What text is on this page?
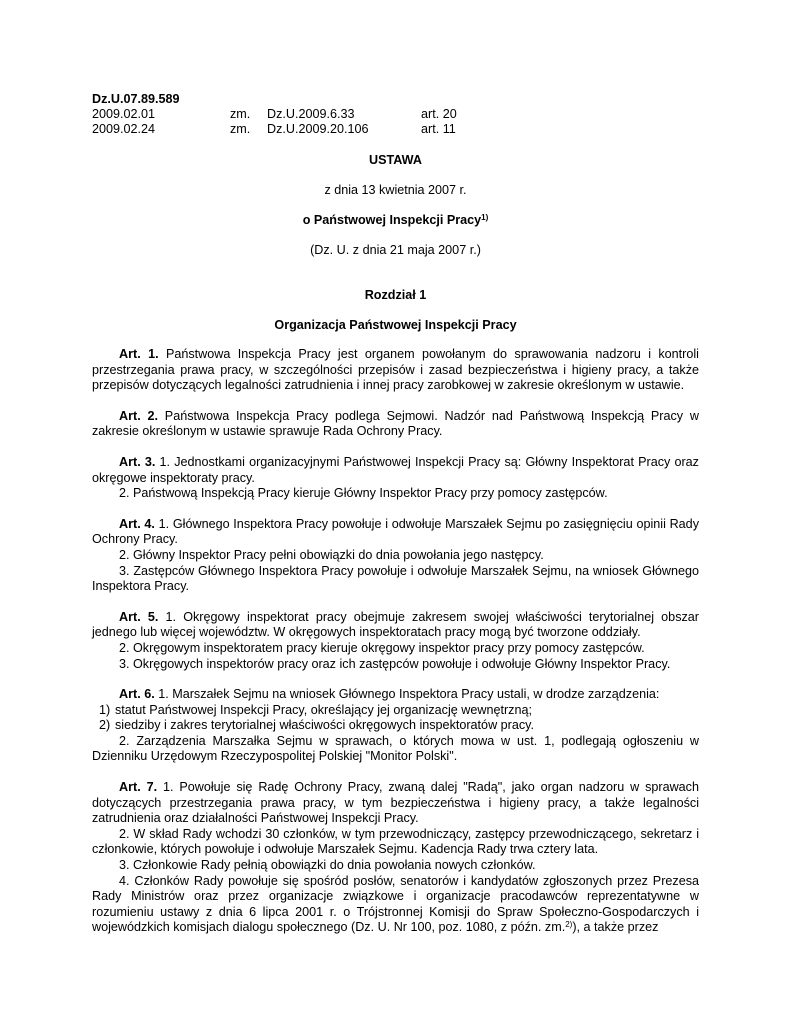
Dz.U.07.89.589
2009.02.01	zm. Dz.U.2009.6.33	art. 20
2009.02.24	zm. Dz.U.2009.20.106	art. 11
USTAWA
z dnia 13 kwietnia 2007 r.
o Państwowej Inspekcji Pracy$^{1)}$
(Dz. U. z dnia 21 maja 2007 r.)
Rozdział 1
Organizacja Państwowej Inspekcji Pracy

Art. 1. Państwowa Inspekcja Pracy jest organem powołanym do sprawowania nadzoru i kontroli przestrzegania prawa pracy, w szczególności przepisów i zasad bezpieczeństwa i higieny pracy, a także przepisów dotyczących legalności zatrudnienia i innej pracy zarobkowej w zakresie określonym w ustawie.

Art. 2. Państwowa Inspekcja Pracy podlega Sejmowi. Nadzór nad Państwową Inspekcją Pracy w zakresie określonym w ustawie sprawuje Rada Ochrony Pracy.

Art. 3. 1. Jednostkami organizacyjnymi Państwowej Inspekcji Pracy są: Główny Inspektorat Pracy oraz okręgowe inspektoraty pracy.

2. Państwową Inspekcją Pracy kieruje Główny Inspektor Pracy przy pomocy zastępców.

Art. 4. 1. Głównego Inspektora Pracy powołuje i odwołuje Marszałek Sejmu po zasięgnięciu opinii Rady Ochrony Pracy.

2. Główny Inspektor Pracy pełni obowiązki do dnia powołania jego następcy.

3. Zastępców Głównego Inspektora Pracy powołuje i odwołuje Marszałek Sejmu, na wniosek Głównego Inspektora Pracy.

Art. 5. 1. Okręgowy inspektorat pracy obejmuje zakresem swojej właściwości terytorialnej obszar jednego lub więcej województw. W okręgowych inspektoratach pracy mogą być tworzone oddziały.

2. Okręgowym inspektoratem pracy kieruje okręgowy inspektor pracy przy pomocy zastępców.

3. Okręgowych inspektorów pracy oraz ich zastępców powołuje i odwołuje Główny Inspektor Pracy.

Art. 6. 1. Marszałek Sejmu na wniosek Głównego Inspektora Pracy ustali, w drodze zarządzenia:

1) statut Państwowej Inspekcji Pracy, określający jej organizację wewnętrzną;
2) siedziby i zakres terytorialnej właściwości okręgowych inspektoratów pracy.

2. Zarządzenia Marszałka Sejmu w sprawach, o których mowa w ust. 1, podlegają ogłoszeniu w Dzienniku Urzędowym Rzeczypospolitej Polskiej "Monitor Polski".

Art. 7. 1. Powołuje się Radę Ochrony Pracy, zwaną dalej "Radą", jako organ nadzoru w sprawach dotyczących przestrzegania prawa pracy, w tym bezpieczeństwa i higieny pracy, a także legalności zatrudnienia oraz działalności Państwowej Inspekcji Pracy.

2. W skład Rady wchodzi 30 członków, w tym przewodniczący, zastępcy przewodniczącego, sekretarz i członkowie, których powołuje i odwołuje Marszałek Sejmu. Kadencja Rady trwa cztery lata.

3. Członkowie Rady pełnią obowiązki do dnia powołania nowych członków.

4. Członków Rady powołuje się spośród posłów, senatorów i kandydatów zgłoszonych przez Prezesa Rady Ministrów oraz przez organizacje związkowe i organizacje pracodawców reprezentatywne w rozumieniu ustawy z dnia 6 lipca 2001 r. o Trójstronnej Komisji do Spraw Społeczno-Gospodarczych i wojewódzkich komisjach dialogu społecznego (Dz. U. Nr 100, poz. 1080, z późn. zm.$^{2)}$), a także przez
